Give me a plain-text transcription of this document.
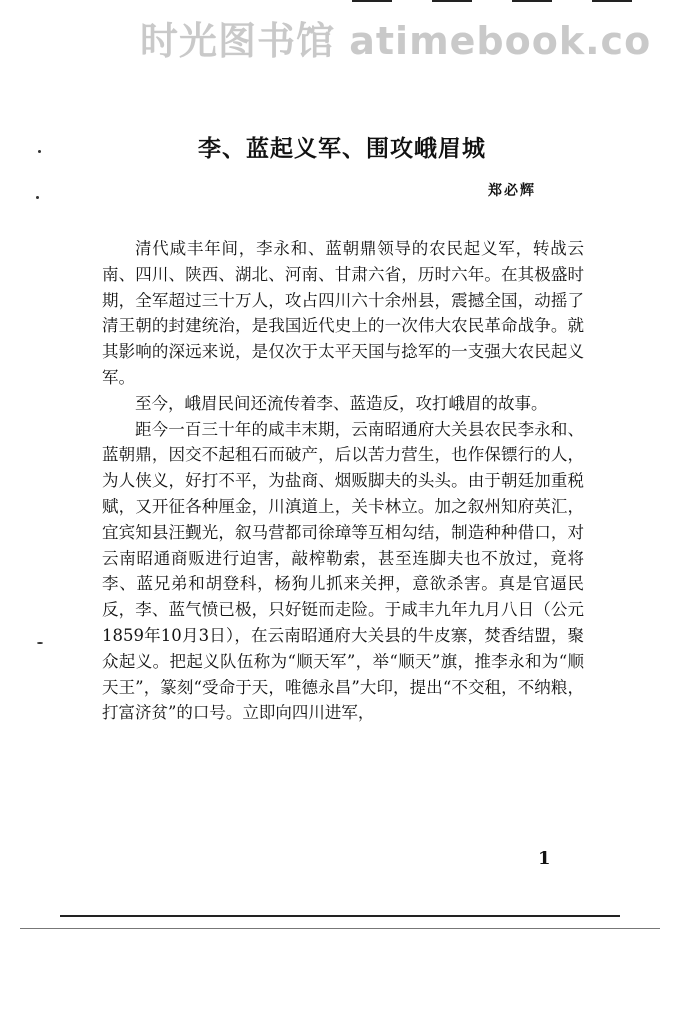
时光图书馆 atimebook.co
李、蓝起义军、围攻峨眉城
郑必辉

清代咸丰年间，李永和、蓝朝鼎领导的农民起义军，转战云南、四川、陕西、湖北、河南、甘肃六省，历时六年。在其极盛时期，全军超过三十万人，攻占四川六十余州县，震撼全国，动摇了清王朝的封建统治，是我国近代史上的一次伟大农民革命战争。就其影响的深远来说，是仅次于太平天国与捻军的一支强大农民起义军。

至今，峨眉民间还流传着李、蓝造反，攻打峨眉的故事。

距今一百三十年的咸丰末期，云南昭通府大关县农民李永和、蓝朝鼎，因交不起租石而破产，后以苦力营生，也作保镖行的人，为人侠义，好打不平，为盐商、烟贩脚夫的头头。由于朝廷加重税赋，又开征各种厘金，川滇道上，关卡林立。加之叙州知府英汇，宜宾知县汪觐光，叙马营都司徐璋等互相勾结，制造种种借口，对云南昭通商贩进行迫害，敲榨勒索，甚至连脚夫也不放过，竟将李、蓝兄弟和胡登科，杨狗儿抓来关押，意欲杀害。真是官逼民反，李、蓝气愤已极，只好铤而走险。于咸丰九年九月八日（公元1859年10月3日），在云南昭通府大关县的牛皮寨，焚香结盟，聚众起义。把起义队伍称为“顺天军”，举“顺天”旗，推李永和为“顺天王”，篆刻“受命于天，唯德永昌”大印，提出“不交租，不纳粮，打富济贫”的口号。立即向四川进军，

1
